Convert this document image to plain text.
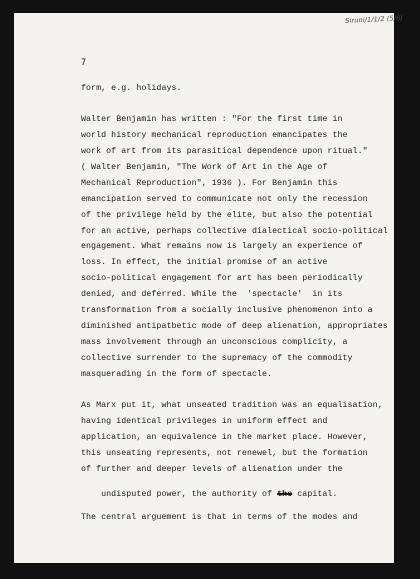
Siruni/1/1/2 (5/6)
7
form, e.g. holidays.
Walter Benjamin has written : "For the first time in
world history mechanical reproduction emancipates the
work of art from its parasitical dependence upon ritual."
( Walter Benjamin, "The Work of Art in the Age of
Mechanical Reproduction", 1936 ). For Benjamin this
emancipation served to communicate not only the recession
of the privilege held by the elite, but also the potential
for an active, perhaps collective dialectical socio-political
engagement. What remains now is largely an experience of
loss. In effect, the initial promise of an active
socio-political engagement for art has been periodically
denied, and deferred. While the  'spectacle'  in its
transformation from a socially inclusive phenomenon into a
diminished antipatbetic mode of deep alienation, appropriates
mass involvement through an unconscious complicity, a
collective surrender to the supremacy of the commodity
masquerading in the form of spectacle.
As Marx put it, what unseated tradition was an equalisation,
having identical privileges in uniform effect and
application, an equivalence in the market place. However,
this unseating represents, not renewel, but the formation
of further and deeper levels of alienation under the
The central arguement is that in terms of the modes and

undisputed power, the authority of the capital.
